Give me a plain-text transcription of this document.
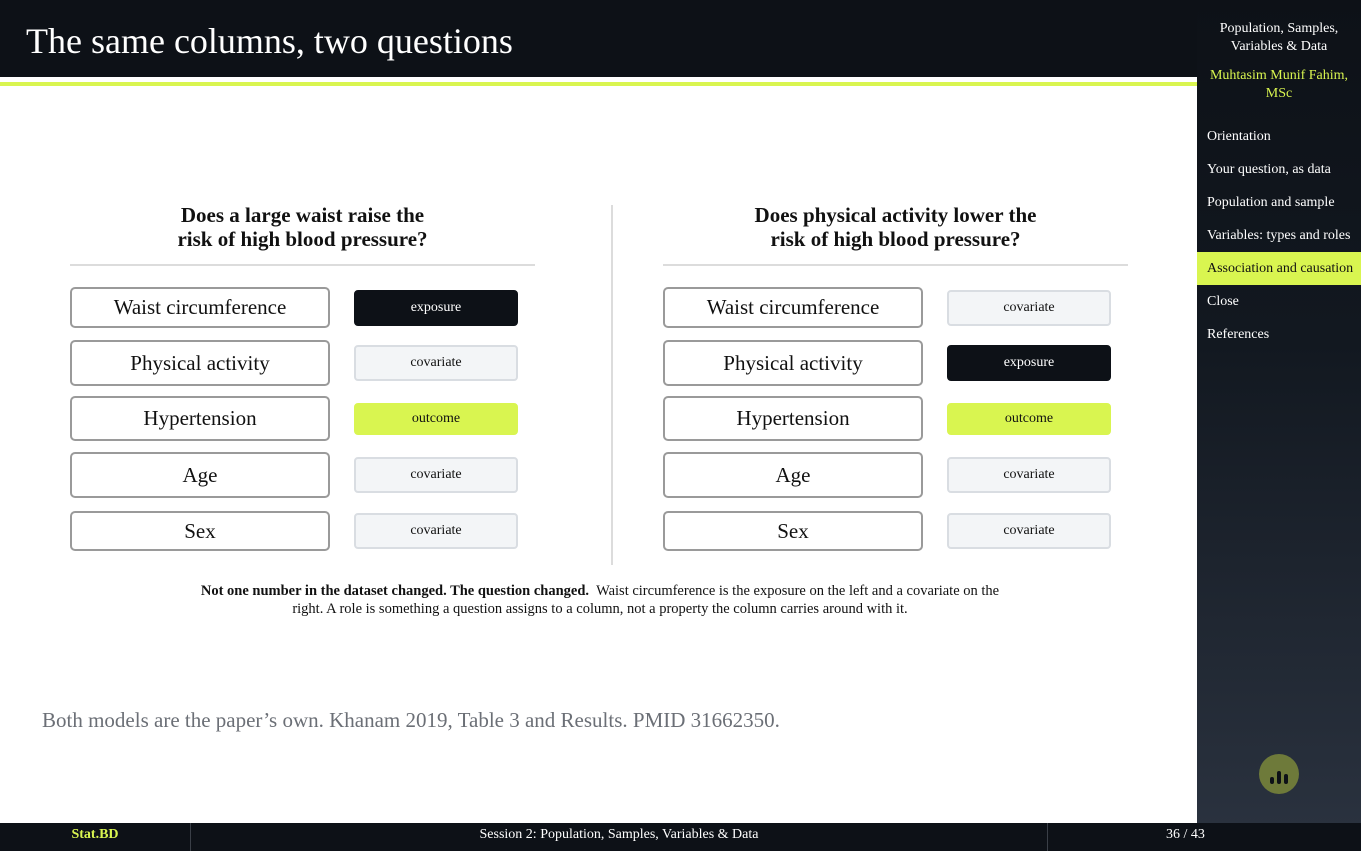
The same columns, two questions
Does a large waist raise the risk of high blood pressure?
Waist circumference	exposure
Physical activity	covariate
Hypertension	outcome
Age	covariate
Sex	covariate
Does physical activity lower the risk of high blood pressure?
Waist circumference	covariate
Physical activity	exposure
Hypertension	outcome
Age	covariate
Sex	covariate
Not one number in the dataset changed. The question changed. Waist circumference is the exposure on the left and a covariate on the right. A role is something a question assigns to a column, not a property the column carries around with it.
Both models are the paper’s own. Khanam 2019, Table 3 and Results. PMID 31662350.
Population, Samples, Variables & Data
Muhtasim Munif Fahim, MSc
Orientation
Your question, as data
Population and sample
Variables: types and roles
Association and causation
Close
References
Stat.BD	Session 2: Population, Samples, Variables & Data	36 / 43
